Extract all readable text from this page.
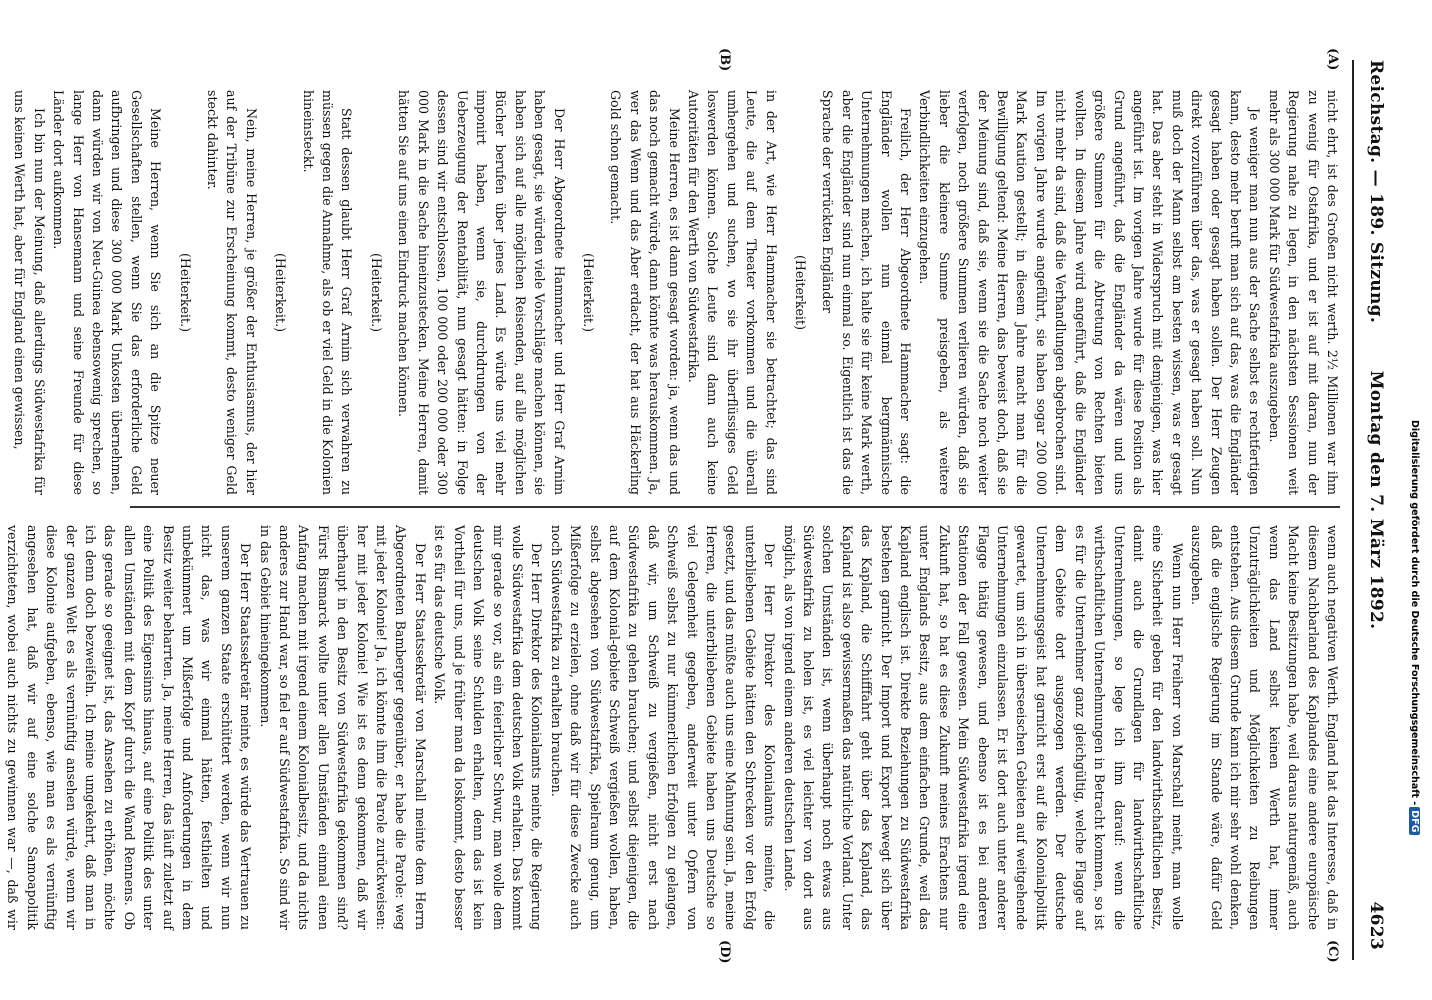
Reichstag. — 189. Sitzung.
Montag den 7. März 1892.
4623
(A)
(B)
(C)
(D)

nicht ehrt, ist des Großen nicht werth. 2½ Millionen war ihm zu wenig für Ostafrika, und er ist auf mit daran, nun der Regierung nahe zu legen, in den nächsten Sessionen weit mehr als 300 000 Mark für Südwestafrika auszugeben.

Je weniger man nun aus der Sache selbst es rechtfertigen kann, desto mehr beruft man sich auf das, was die Engländer gesagt haben oder gesagt haben sollen. Der Herr Zeugen direkt vorzuführen über das, was er gesagt haben soll. Nun muß doch der Mann selbst am besten wissen, was er gesagt hat. Das aber steht in Widerspruch mit demjenigen, was hier angeführt ist. Im vorigen Jahre wurde für diese Position als Grund angeführt, daß die Engländer da wären und uns größere Summen für die Abtretung von Rechten bieten wollten. In diesem Jahre wird angeführt, daß die Engländer nicht mehr da sind, daß die Verhandlungen abgebrochen sind. Im vorigen Jahre wurde angeführt, sie haben sogar 200 000 Mark Kaution gestellt; in diesem Jahre macht man für die Bewilligung geltend: Meine Herren, das beweist doch, daß sie der Meinung sind, daß sie, wenn sie die Sache noch weiter verfolgen, noch größere Summen verlieren würden, daß sie lieber die kleinere Summe preisgeben, als weitere Verbindlichkeiten einzugehen.

Freilich, der Herr Abgeordnete Hammacher sagt: die Engländer wollen nun einmal bergmännische Unternehmungen machen, ich halte sie für keine Mark werth, aber die Engländer sind nun einmal so. Eigentlich ist das die Sprache der verrückten Engländer

(Heiterkeit)

in der Art, wie Herr Hammacher sie betrachtet; das sind Leute, die auf dem Theater vorkommen und die überall umhergehen und suchen, wo sie ihr überflüssiges Geld loswerden können. Solche Leute sind dann auch keine Autoritäten für den Werth von Südwestafrika.

Meine Herren, es ist dann gesagt worden: ja, wenn das und das noch gemacht würde, dann könnte was herauskommen. Ja, wer das Wenn und das Aber erdacht, der hat aus Häckerling Gold schon gemacht.

(Heiterkeit.)

Der Herr Abgeordnete Hammacher und Herr Graf Arnim haben gesagt, sie würden viele Vorschläge machen können, sie haben sich auf alle möglichen Reisenden, auf alle möglichen Bücher berufen über jenes Land. Es würde uns viel mehr imponirt haben, wenn sie, durchdrungen von der Ueberzeugung der Rentabilität, nun gesagt hätten: in Folge dessen sind wir entschlossen, 100 000 oder 200 000 oder 300 000 Mark in die Sache hineinzustecken. Meine Herren, damit hätten Sie auf uns einen Eindruck machen können.

(Heiterkeit.)

Statt dessen glaubt Herr Graf Arnim sich verwahren zu müssen gegen die Annahme, als ob er viel Geld in die Kolonien hineinsteckt.

(Heiterkeit.)

Nein, meine Herren, je größer der Enthusiasmus, der hier auf der Tribüne zur Erscheinung kommt, desto weniger Geld steckt dahinter.

(Heiterkeit.)

Meine Herren, wenn Sie sich an die Spitze neuer Gesellschaften stellen, wenn Sie das erforderliche Geld aufbringen und diese 300 000 Mark Unkosten übernehmen, dann würden wir von Neu-Guinea ebensowenig sprechen, so lange Herr von Hansemann und seine Freunde für diese Länder dort aufkommen.

Ich bin nun der Meinung, daß allerdings Südwestafrika für uns keinen Werth hat, aber für England einen gewissen,

wenn auch negativen Werth. England hat das Interesse, daß in diesem Nachbarland des Kaplandes eine andere europäische Macht keine Besitzungen habe, weil daraus naturgemäß, auch wenn das Land selbst keinen Werth hat, immer Unzuträglichkeiten und Möglichkeiten zu Reibungen entstehen. Aus diesem Grunde kann ich mir sehr wohl denken, daß die englische Regierung im Stande wäre, dafür Geld auszugeben.

Wenn nun Herr Freiherr von Marschall meint, man wolle eine Sicherheit geben für den landwirthschaftlichen Besitz, damit auch die Grundlagen für landwirthschaftliche Unternehmungen, so lege ich ihm darauf: wenn die wirthschaftlichen Unternehmungen in Betracht kommen, so ist es für die Unternehmer ganz gleichgültig, welche Flagge auf dem Gebiete dort ausgezogen werden. Der deutsche Unternehmungsgeist hat garnicht erst auf die Kolonialpolitik gewartet, um sich in überseeischen Gebieten auf weitgehende Unternehmungen einzulassen. Er ist dort auch unter anderer Flagge thätig gewesen, und ebenso ist es bei anderen Stationen der Fall gewesen. Mein Südwestafrika irgend eine Zukunft hat, so hat es diese Zukunft meines Erachtens nur unter Englands Besitz, aus dem einfachen Grunde, weil das Kapland englisch ist. Direkte Beziehungen zu Südwestafrika bestehen garnicht. Der Import und Export bewegt sich über das Kapland, die Schifffahrt geht über das Kapland, das Kapland ist also gewissermaßen das natürliche Vorland. Unter solchen Umständen ist, wenn überhaupt noch etwas aus Südwestafrika zu holen ist, es viel leichter von dort aus möglich, als von irgend einem anderen deutschen Lande.

Der Herr Direktor des Kolonialamts meinte, die unterbliebenen Gebiete hätten den Schrecken vor den Erfolg gesetzt, und das müßte auch uns eine Mahnung sein. Ja, meine Herren, die unterbliebenen Gebiete haben uns Deutsche so viel Gelegenheit gegeben, anderweit unter Opfern von Schweiß selbst zu nur kümmerlichen Erfolgen zu gelangen, daß wir, um Schweiß zu vergießen, nicht erst nach Südwestafrika zu gehen brauchen; und selbst diejenigen, die auf dem Kolonial-gebiete Schweiß vergießen wollen, haben, selbst abgesehen von Südwestafrika, Spielraum genug, um Mißerfolge zu erzielen, ohne daß wir für diese Zwecke auch noch Südwestafrika zu erhalten brauchen.

Der Herr Direktor des Kolonialamts meinte, die Regierung wolle Südwestafrika dem deutschen Volk erhalten. Das kommt mir gerade so vor, als ein feierlicher Schwur, man wolle dem deutschen Volk seine Schulden erhalten, denn das ist kein Vortheil für uns, und je früher man da loskommt, desto besser ist es für das deutsche Volk.

Der Herr Staatssekretär von Marschall meinte dem Herrn Abgeordneten Bamberger gegenüber, er habe die Parole: weg mit jeder Kolonie! Ja, ich könnte ihm die Parole zurückweisen: her mit jeder Kolonie! Wie ist es denn gekommen, daß wir überhaupt in den Besitz von Südwestafrika gekommen sind? Fürst Bismarck wollte unter allen Umständen einmal einen Anfang machen mit irgend einem Kolonialbesitz, und da nichts anderes zur Hand war, so fiel er auf Südwestafrika. So sind wir in das Gebiet hineingekommen.

Der Herr Staatssekretär meinte, es würde das Vertrauen zu unserem ganzen Staate erschüttert werden, wenn wir nun nicht das, was wir einmal hätten, festhielten und unbekümmert um Mißerfolge und Anforderungen in dem Besitz weiter beharrten. Ja, meine Herren, das läuft zuletzt auf eine Politik des Eigensinns hinaus, auf eine Politik des unter allen Umständen mit dem Kopf durch die Wand Rennens. Ob das gerade so geeignet ist, das Ansehen zu erhöhen, möchte ich denn doch bezweifeln. Ich meine umgekehrt, daß man in der ganzen Welt es als vernünftig ansehen würde, wenn wir diese Kolonie aufgeben, ebenso, wie man es als vernünftig angesehen hat, daß wir auf eine solche Samoapolitik verzichteten, wobei auch nichts zu gewinnen war —, daß wir

Digitalisierung gefördert durch die Deutsche Forschungsgemeinschaft -DFG
